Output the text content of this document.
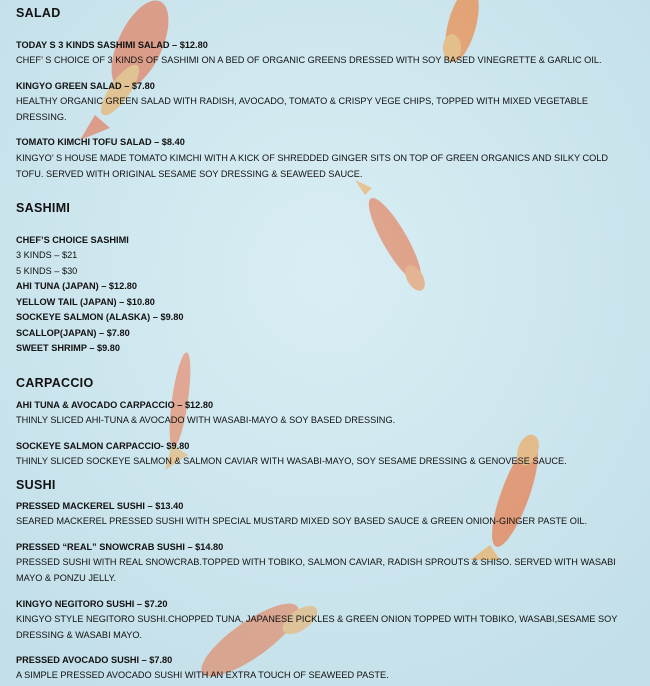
SALAD

TODAY S 3 KINDS SASHIMI SALAD – $12.80

CHEF’ S CHOICE OF 3 KINDS OF SASHIMI ON A BED OF ORGANIC GREENS DRESSED WITH SOY BASED VINEGRETTE & GARLIC OIL.

KINGYO GREEN SALAD – $7.80

HEALTHY ORGANIC GREEN SALAD WITH RADISH, AVOCADO, TOMATO & CRISPY VEGE CHIPS, TOPPED WITH MIXED VEGETABLE DRESSING.

TOMATO KIMCHI TOFU SALAD – $8.40

KINGYO’ S HOUSE MADE TOMATO KIMCHI WITH A KICK OF SHREDDED GINGER SITS ON TOP OF GREEN ORGANICS AND SILKY COLD TOFU. SERVED WITH ORIGINAL SESAME SOY DRESSING & SEAWEED SAUCE.

SASHIMI

CHEF’S CHOICE SASHIMI

3 KINDS – $21

5 KINDS – $30

AHI TUNA (JAPAN) – $12.80

YELLOW TAIL (JAPAN) – $10.80

SOCKEYE SALMON (ALASKA) – $9.80

SCALLOP(JAPAN) – $7.80

SWEET SHRIMP – $9.80

CARPACCIO

AHI TUNA & AVOCADO CARPACCIO – $12.80

THINLY SLICED AHI-TUNA & AVOCADO WITH WASABI-MAYO & SOY BASED DRESSING.

SOCKEYE SALMON CARPACCIO- $9.80

THINLY SLICED SOCKEYE SALMON & SALMON CAVIAR WITH WASABI-MAYO, SOY SESAME DRESSING & GENOVESE SAUCE.

SUSHI

PRESSED MACKEREL SUSHI – $13.40

SEARED MACKEREL PRESSED SUSHI WITH SPECIAL MUSTARD MIXED SOY BASED SAUCE & GREEN ONION-GINGER PASTE OIL.

PRESSED “REAL” SNOWCRAB SUSHI – $14.80

PRESSED SUSHI WITH REAL SNOWCRAB.TOPPED WITH TOBIKO, SALMON CAVIAR, RADISH SPROUTS & SHISO. SERVED WITH WASABI MAYO & PONZU JELLY.

KINGYO NEGITORO SUSHI – $7.20

KINGYO STYLE NEGITORO SUSHI.CHOPPED TUNA, JAPANESE PICKLES & GREEN ONION TOPPED WITH TOBIKO, WASABI,SESAME SOY DRESSING & WASABI MAYO.

PRESSED AVOCADO SUSHI – $7.80

A SIMPLE PRESSED AVOCADO SUSHI WITH AN EXTRA TOUCH OF SEAWEED PASTE.
